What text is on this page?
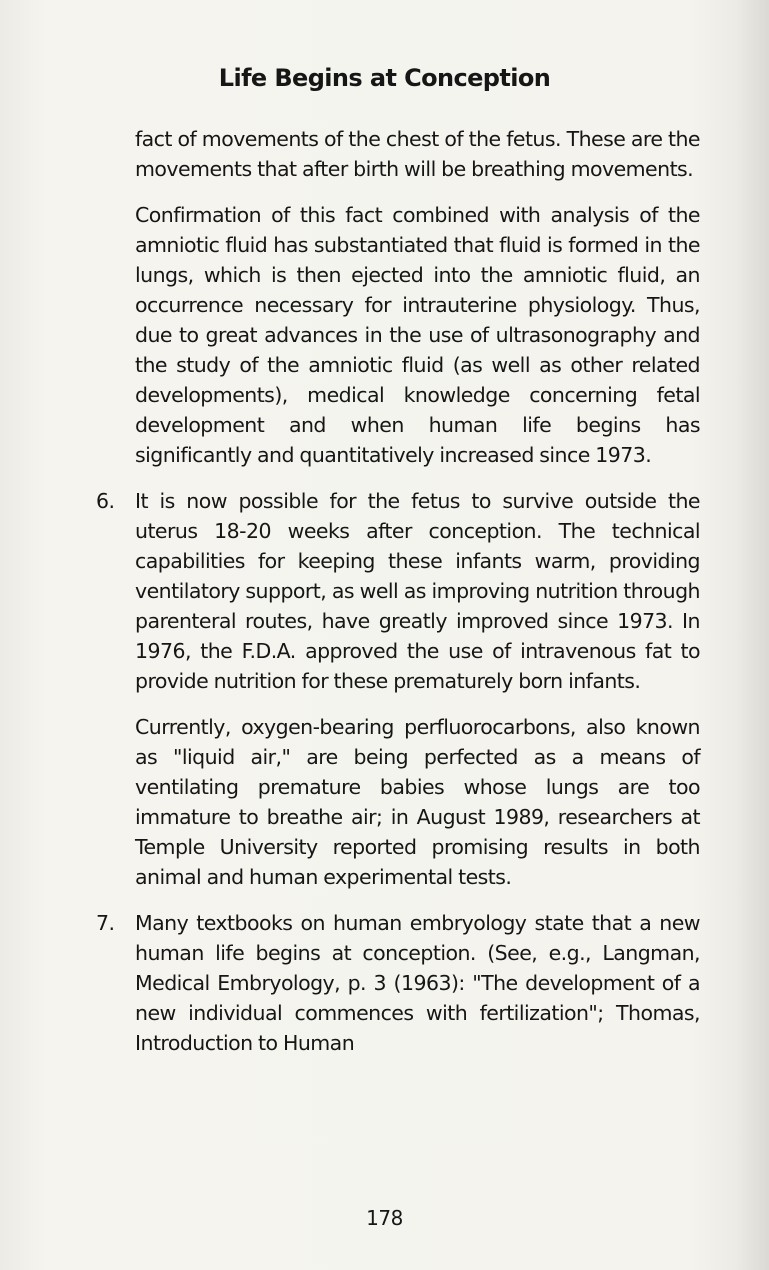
Life Begins at Conception

fact of movements of the chest of the fetus. These are the movements that after birth will be breathing movements.

Confirmation of this fact combined with analysis of the amniotic fluid has substantiated that fluid is formed in the lungs, which is then ejected into the amniotic fluid, an occurrence necessary for intrauterine physiology. Thus, due to great advances in the use of ultrasonography and the study of the amniotic fluid (as well as other related developments), medical knowledge concerning fetal development and when human life begins has significantly and quantitatively increased since 1973.

6.	It is now possible for the fetus to survive outside the uterus 18-20 weeks after conception. The technical capabilities for keeping these infants warm, providing ventilatory support, as well as improving nutrition through parenteral routes, have greatly improved since 1973. In 1976, the F.D.A. approved the use of intravenous fat to provide nutrition for these prematurely born infants.

Currently, oxygen-bearing perfluorocarbons, also known as "liquid air," are being perfected as a means of ventilating premature babies whose lungs are too immature to breathe air; in August 1989, researchers at Temple University reported promising results in both animal and human experimental tests.

7.	Many textbooks on human embryology state that a new human life begins at conception. (See, e.g., Langman, Medical Embryology, p. 3 (1963): "The development of a new individual commences with fertilization"; Thomas, Introduction to Human

178
